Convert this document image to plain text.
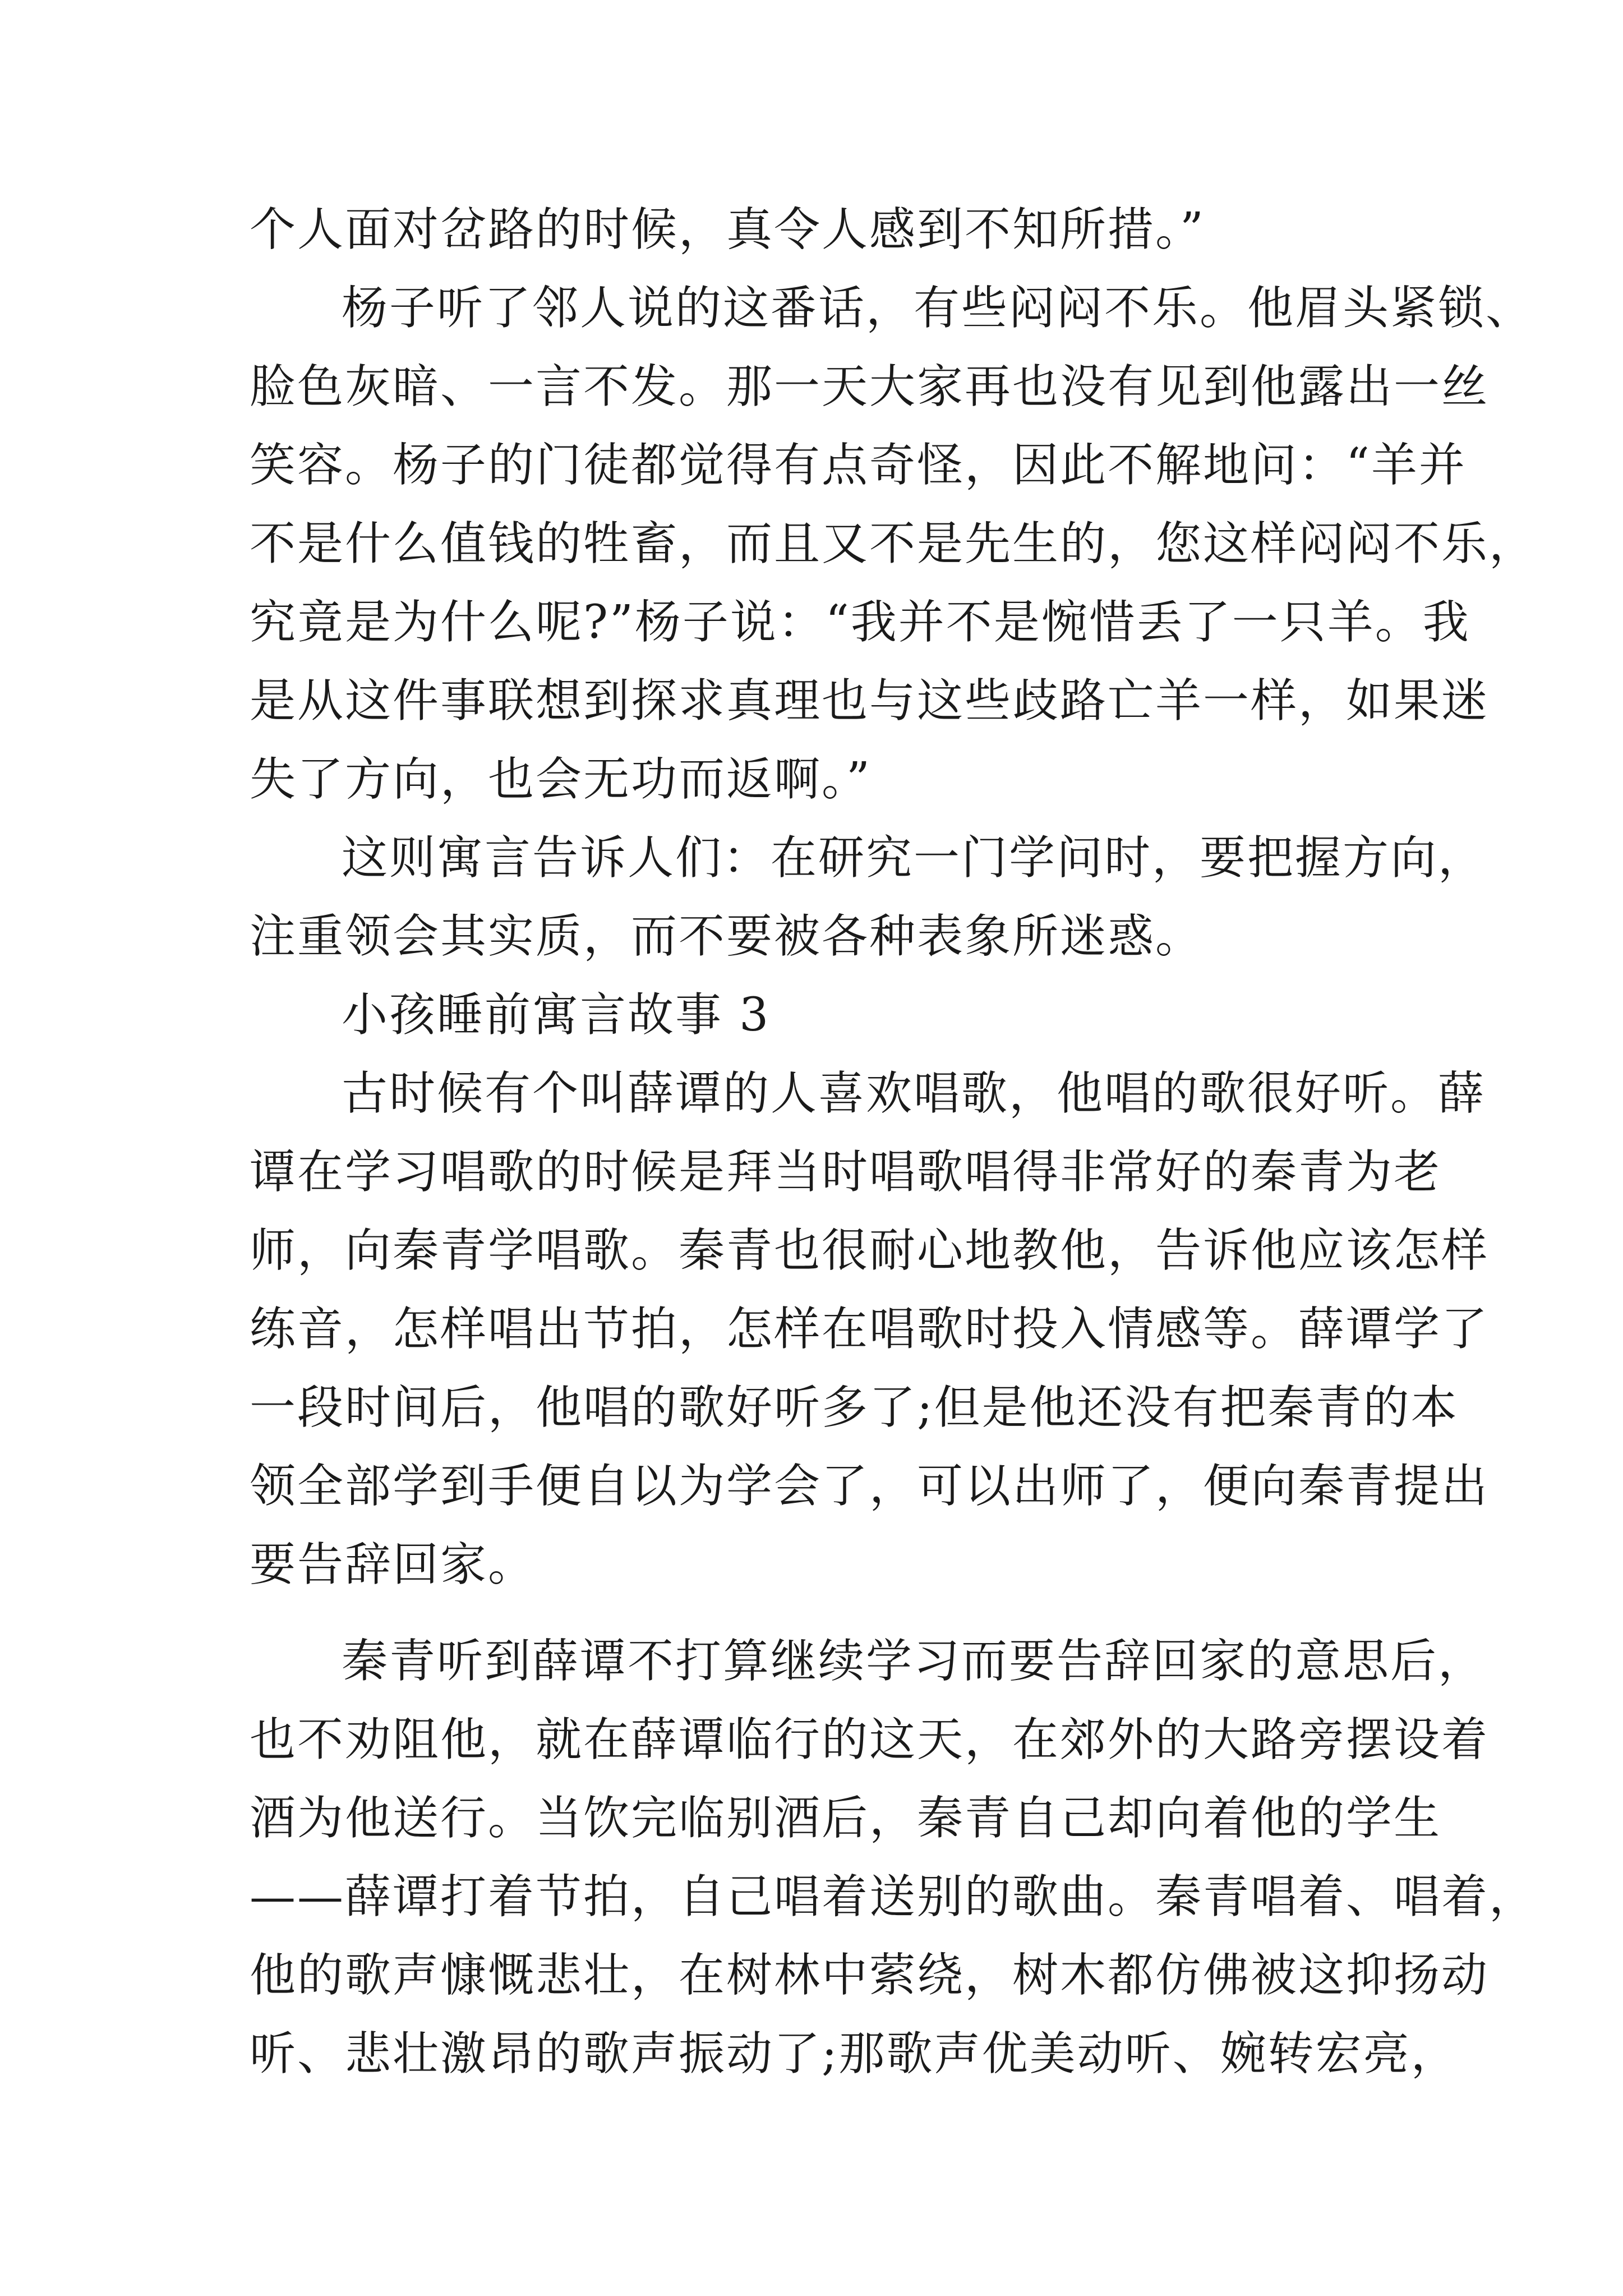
个人面对岔路的时候，真令人感到不知所措。”
杨子听了邻人说的这番话，有些闷闷不乐。他眉头紧锁、
脸色灰暗、一言不发。那一天大家再也没有见到他露出一丝
笑容。杨子的门徒都觉得有点奇怪，因此不解地问：“羊并
不是什么值钱的牲畜，而且又不是先生的，您这样闷闷不乐，
究竟是为什么呢?”杨子说：“我并不是惋惜丢了一只羊。我
是从这件事联想到探求真理也与这些歧路亡羊一样，如果迷
失了方向，也会无功而返啊。”
这则寓言告诉人们：在研究一门学问时，要把握方向，
注重领会其实质，而不要被各种表象所迷惑。
小孩睡前寓言故事 3
古时候有个叫薛谭的人喜欢唱歌，他唱的歌很好听。薛
谭在学习唱歌的时候是拜当时唱歌唱得非常好的秦青为老
师，向秦青学唱歌。秦青也很耐心地教他，告诉他应该怎样
练音，怎样唱出节拍，怎样在唱歌时投入情感等。薛谭学了
一段时间后，他唱的歌好听多了;但是他还没有把秦青的本
领全部学到手便自以为学会了，可以出师了，便向秦青提出
要告辞回家。
秦青听到薛谭不打算继续学习而要告辞回家的意思后，
也不劝阻他，就在薛谭临行的这天，在郊外的大路旁摆设着
酒为他送行。当饮完临别酒后，秦青自己却向着他的学生
——薛谭打着节拍，自己唱着送别的歌曲。秦青唱着、唱着，
他的歌声慷慨悲壮，在树林中萦绕，树木都仿佛被这抑扬动
听、悲壮激昂的歌声振动了;那歌声优美动听、婉转宏亮，
